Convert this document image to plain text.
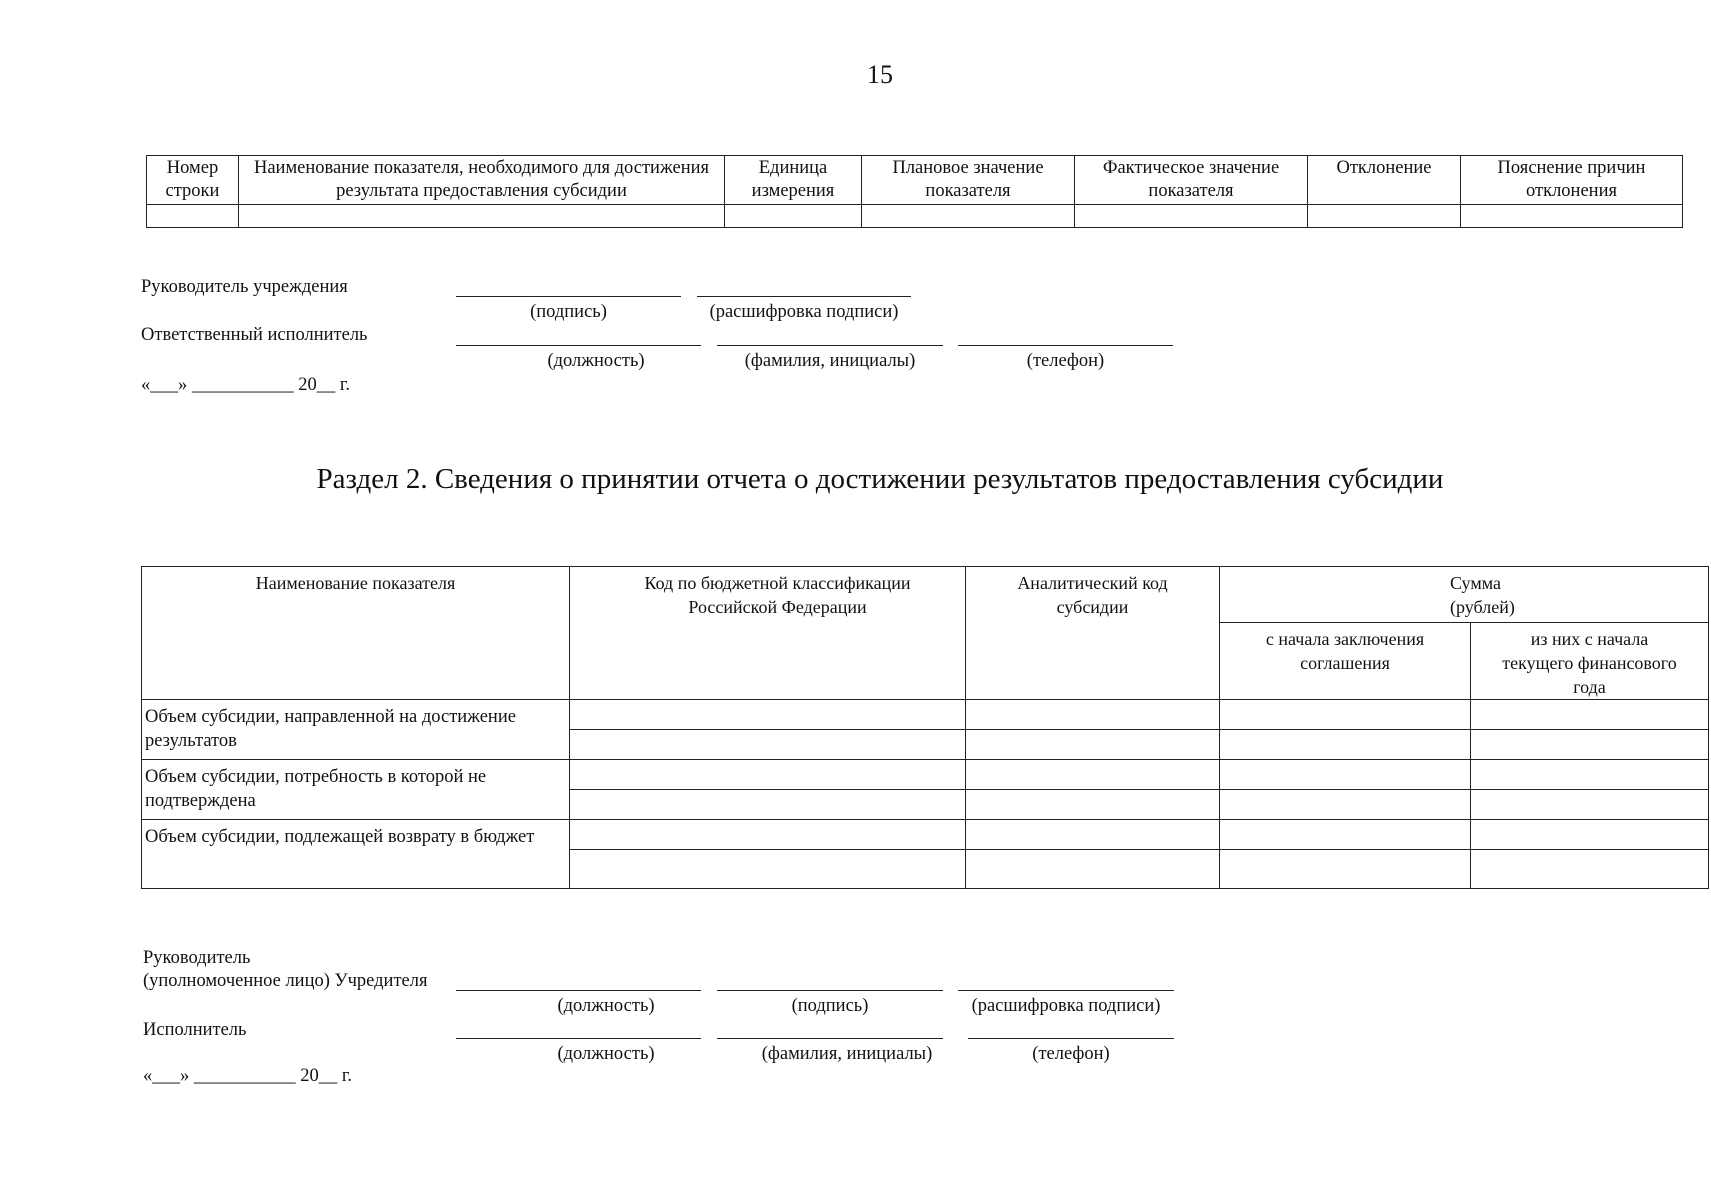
15
Номер строки	Наименование показателя, необходимого для достижения результата предоставления субсидии	Единица измерения	Плановое значение показателя	Фактическое значение показателя	Отклонение	Пояснение причин отклонения

Руководитель учреждения
(подпись)	(расшифровка подписи)
Ответственный исполнитель
(должность)	(фамилия, инициалы)	(телефон)
«___» ___________ 20__ г.
Раздел 2. Сведения о принятии отчета о достижении результатов предоставления субсидии
Наименование показателя	Код по бюджетной классификации Российской Федерации	Аналитический код субсидии	Сумма (рублей)	
			с начала заключения соглашения	из них с начала текущего финансового года
Объем субсидии, направленной на достижение результатов				

Объем субсидии, потребность в которой не подтверждена				

Объем субсидии, подлежащей возврату в бюджет				

Руководитель
(уполномоченное лицо) Учредителя
(должность)	(подпись)	(расшифровка подписи)
Исполнитель
(должность)	(фамилия, инициалы)	(телефон)
«___» ___________ 20__ г.
